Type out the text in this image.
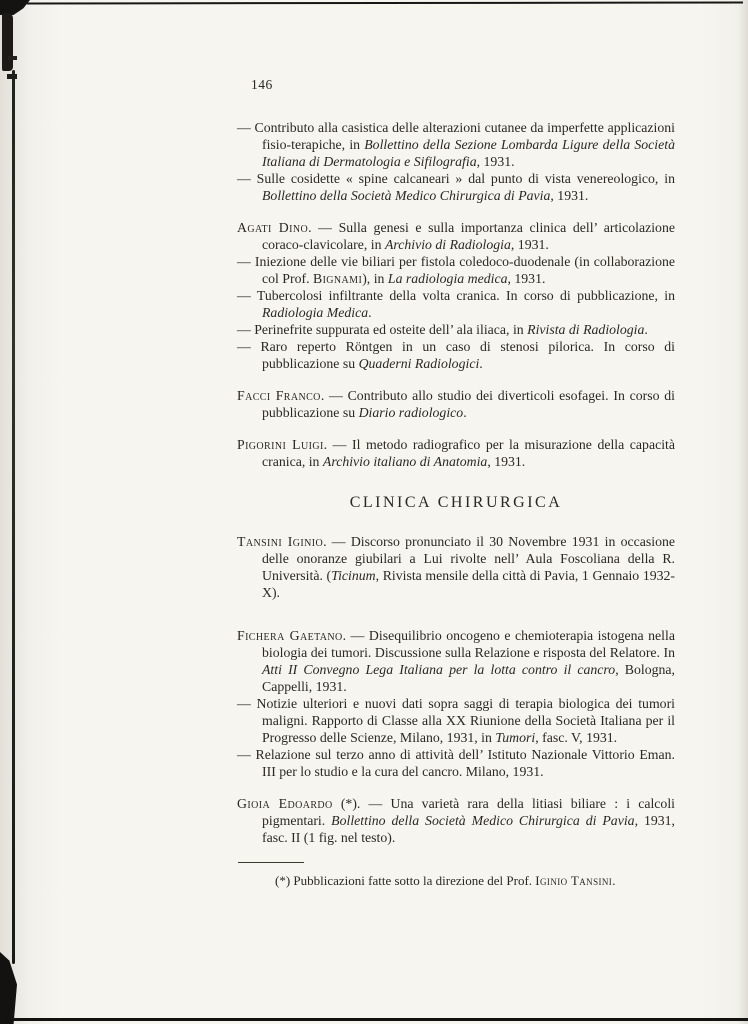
146

— Contributo alla casistica delle alterazioni cutanee da imperfette applicazioni fisio-terapiche, in Bollettino della Sezione Lombarda Ligure della Società Italiana di Dermatologia e Sifilografia, 1931.

— Sulle cosidette « spine calcaneari » dal punto di vista venereologico, in Bollettino della Società Medico Chirurgica di Pavia, 1931.

Agati Dino. — Sulla genesi e sulla importanza clinica dell’ articolazione coraco-clavicolare, in Archivio di Radiologia, 1931.

— Iniezione delle vie biliari per fistola coledoco-duodenale (in collaborazione col Prof. Bignami), in La radiologia medica, 1931.

— Tubercolosi infiltrante della volta cranica. In corso di pubblicazione, in Radiologia Medica.

— Perinefrite suppurata ed osteite dell’ ala iliaca, in Rivista di Radiologia.

— Raro reperto Röntgen in un caso di stenosi pilorica. In corso di pubblicazione su Quaderni Radiologici.

Facci Franco. — Contributo allo studio dei diverticoli esofagei. In corso di pubblicazione su Diario radiologico.

Pigorini Luigi. — Il metodo radiografico per la misurazione della capacità cranica, in Archivio italiano di Anatomia, 1931.

CLINICA CHIRURGICA

Tansini Iginio. — Discorso pronunciato il 30 Novembre 1931 in occasione delle onoranze giubilari a Lui rivolte nell’ Aula Foscoliana della R. Università. (Ticinum, Rivista mensile della città di Pavia, 1 Gennaio 1932-X).

Fichera Gaetano. — Disequilibrio oncogeno e chemioterapia istogena nella biologia dei tumori. Discussione sulla Relazione e risposta del Relatore. In Atti II Convegno Lega Italiana per la lotta contro il cancro, Bologna, Cappelli, 1931.

— Notizie ulteriori e nuovi dati sopra saggi di terapia biologica dei tumori maligni. Rapporto di Classe alla XX Riunione della Società Italiana per il Progresso delle Scienze, Milano, 1931, in Tumori, fasc. V, 1931.

— Relazione sul terzo anno di attività dell’ Istituto Nazionale Vittorio Eman. III per lo studio e la cura del cancro. Milano, 1931.

Gioia Edoardo (*). — Una varietà rara della litiasi biliare : i calcoli pigmentari. Bollettino della Società Medico Chirurgica di Pavia, 1931, fasc. II (1 fig. nel testo).

(*) Pubblicazioni fatte sotto la direzione del Prof. Iginio Tansini.
